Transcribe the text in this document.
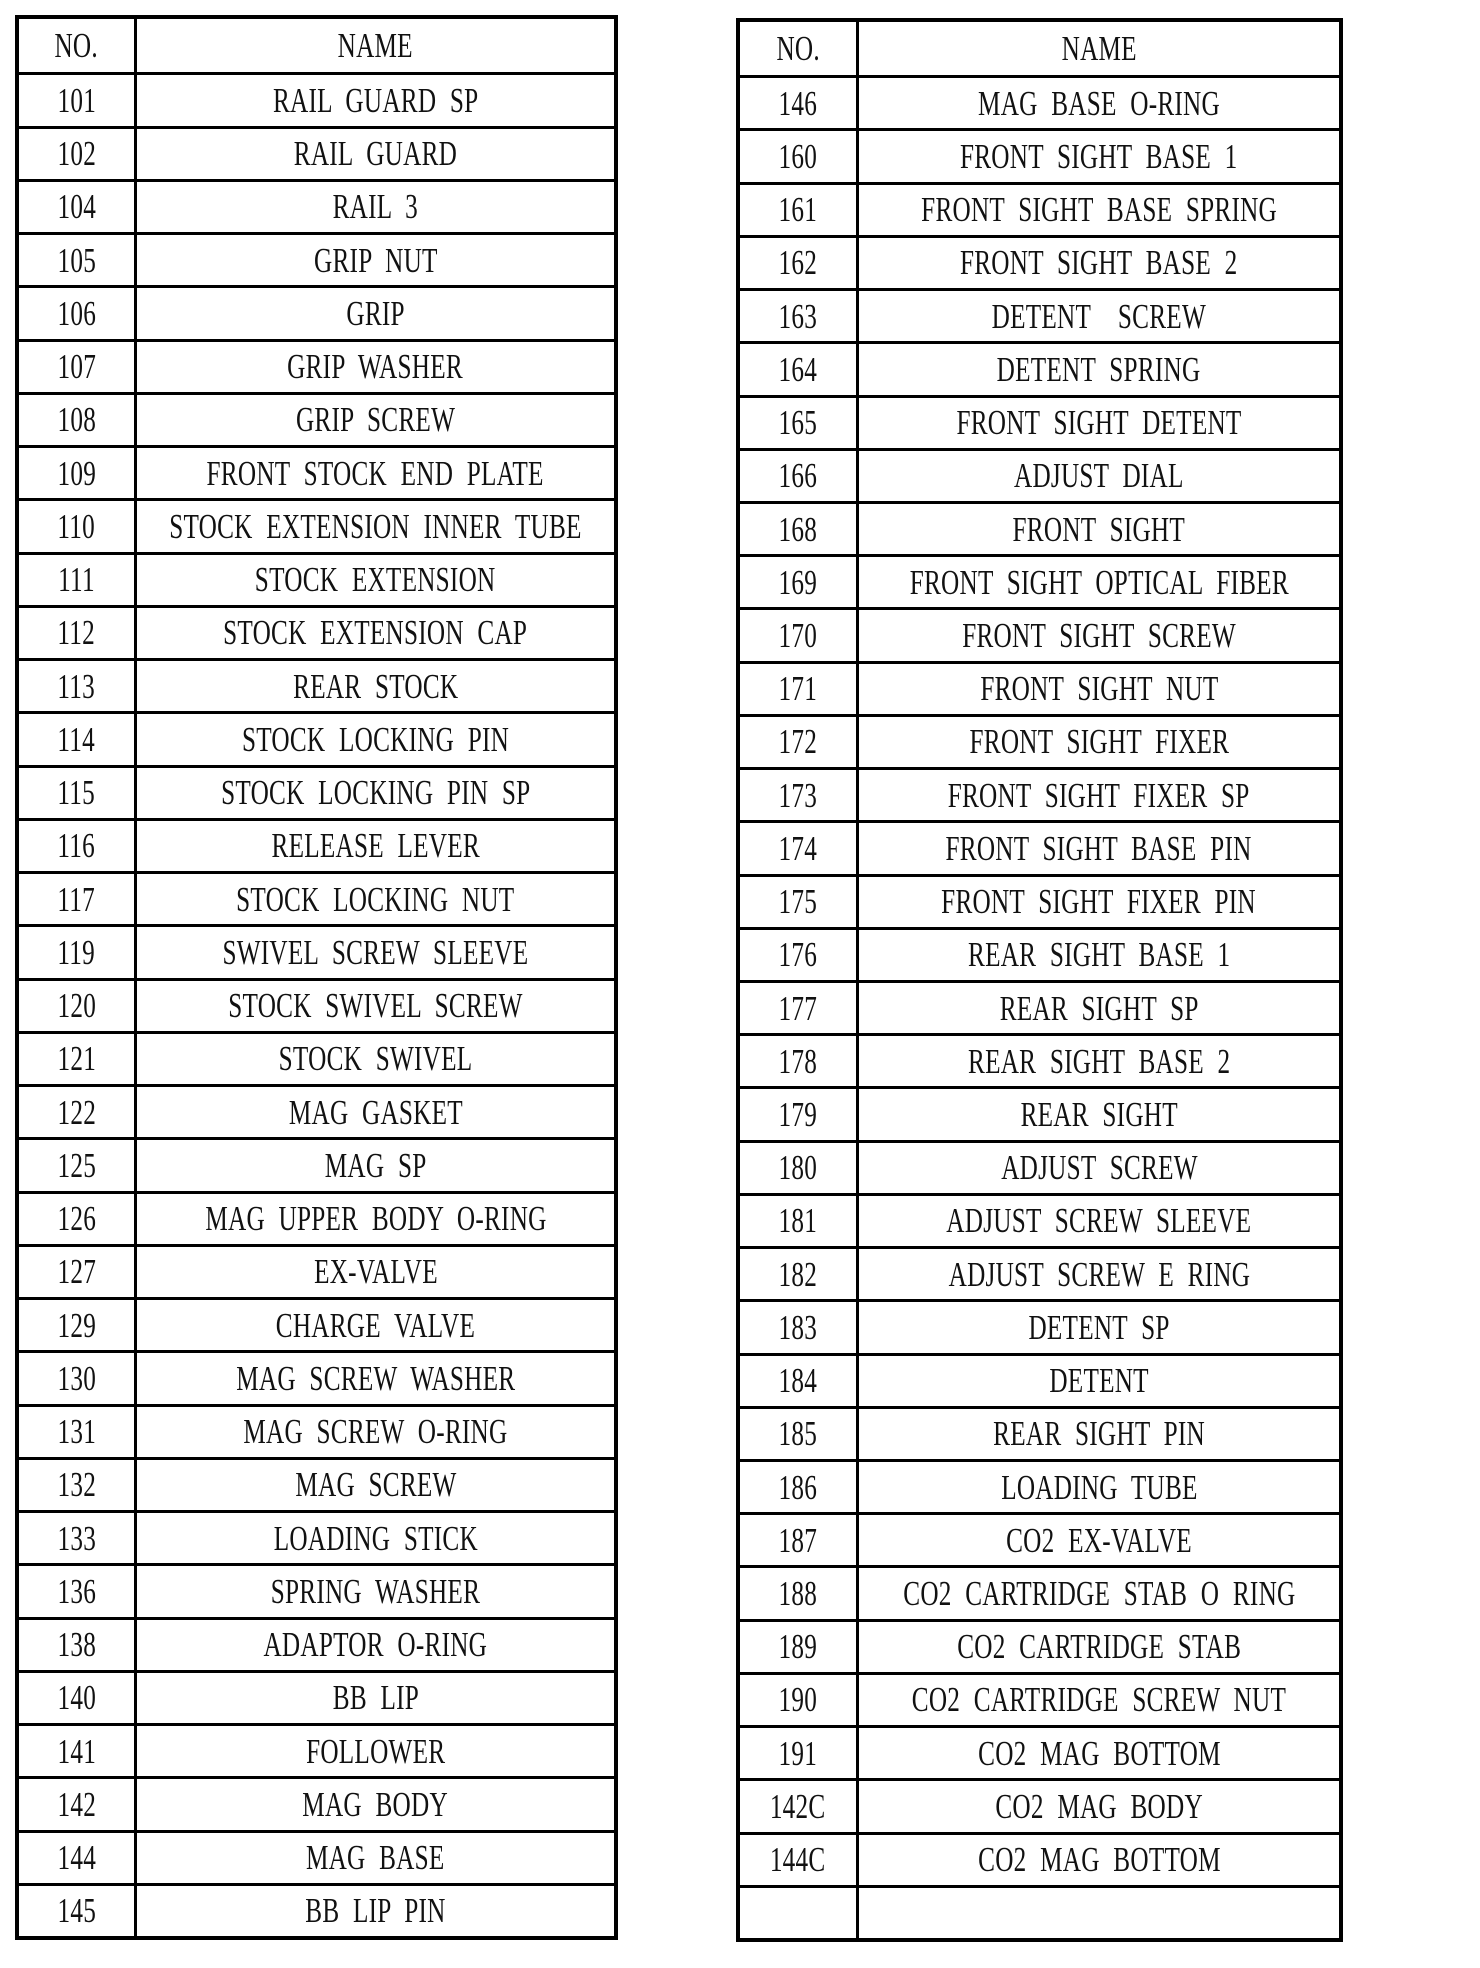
NO.	NAME
101	RAIL GUARD SP
102	RAIL GUARD
104	RAIL 3
105	GRIP NUT
106	GRIP
107	GRIP WASHER
108	GRIP SCREW
109	FRONT STOCK END PLATE
110 STOCK EXTENSION INNER TUBE
111	STOCK EXTENSION
112	STOCK EXTENSION CAP
113	REAR STOCK
114	STOCK LOCKING PIN
115	STOCK LOCKING PIN SP
116	RELEASE LEVER
117	STOCK LOCKING NUT
119	SWIVEL SCREW SLEEVE
120	STOCK SWIVEL SCREW
121	STOCK SWIVEL
122	MAG GASKET
125	MAG SP
126	MAG UPPER BODY O-RING
127	EX-VALVE
129	CHARGE VALVE
130	MAG SCREW WASHER
131	MAG SCREW O-RING
132	MAG SCREW
133	LOADING STICK
136	SPRING WASHER
138	ADAPTOR O-RING
140	BB LIP
141	FOLLOWER
142	MAG BODY
144	MAG BASE
145	BB LIP PIN
NO.	NAME
146	MAG BASE O-RING
160	FRONT SIGHT BASE 1
161	FRONT SIGHT BASE SPRING
162	FRONT SIGHT BASE 2
163	DETENT  SCREW
164	DETENT SPRING
165	FRONT SIGHT DETENT
166	ADJUST DIAL
168	FRONT SIGHT
169	FRONT SIGHT OPTICAL FIBER
170	FRONT SIGHT SCREW
171	FRONT SIGHT NUT
172	FRONT SIGHT FIXER
173	FRONT SIGHT FIXER SP
174	FRONT SIGHT BASE PIN
175	FRONT SIGHT FIXER PIN
176	REAR SIGHT BASE 1
177	REAR SIGHT SP
178	REAR SIGHT BASE 2
179	REAR SIGHT
180	ADJUST SCREW
181	ADJUST SCREW SLEEVE
182	ADJUST SCREW E RING
183	DETENT SP
184	DETENT
185	REAR SIGHT PIN
186	LOADING TUBE
187	CO2 EX-VALVE
188 CO2 CARTRIDGE STAB O RING
189	CO2 CARTRIDGE STAB
190	CO2 CARTRIDGE SCREW NUT
191	CO2 MAG BOTTOM
142C	CO2 MAG BODY
144C	CO2 MAG BOTTOM
